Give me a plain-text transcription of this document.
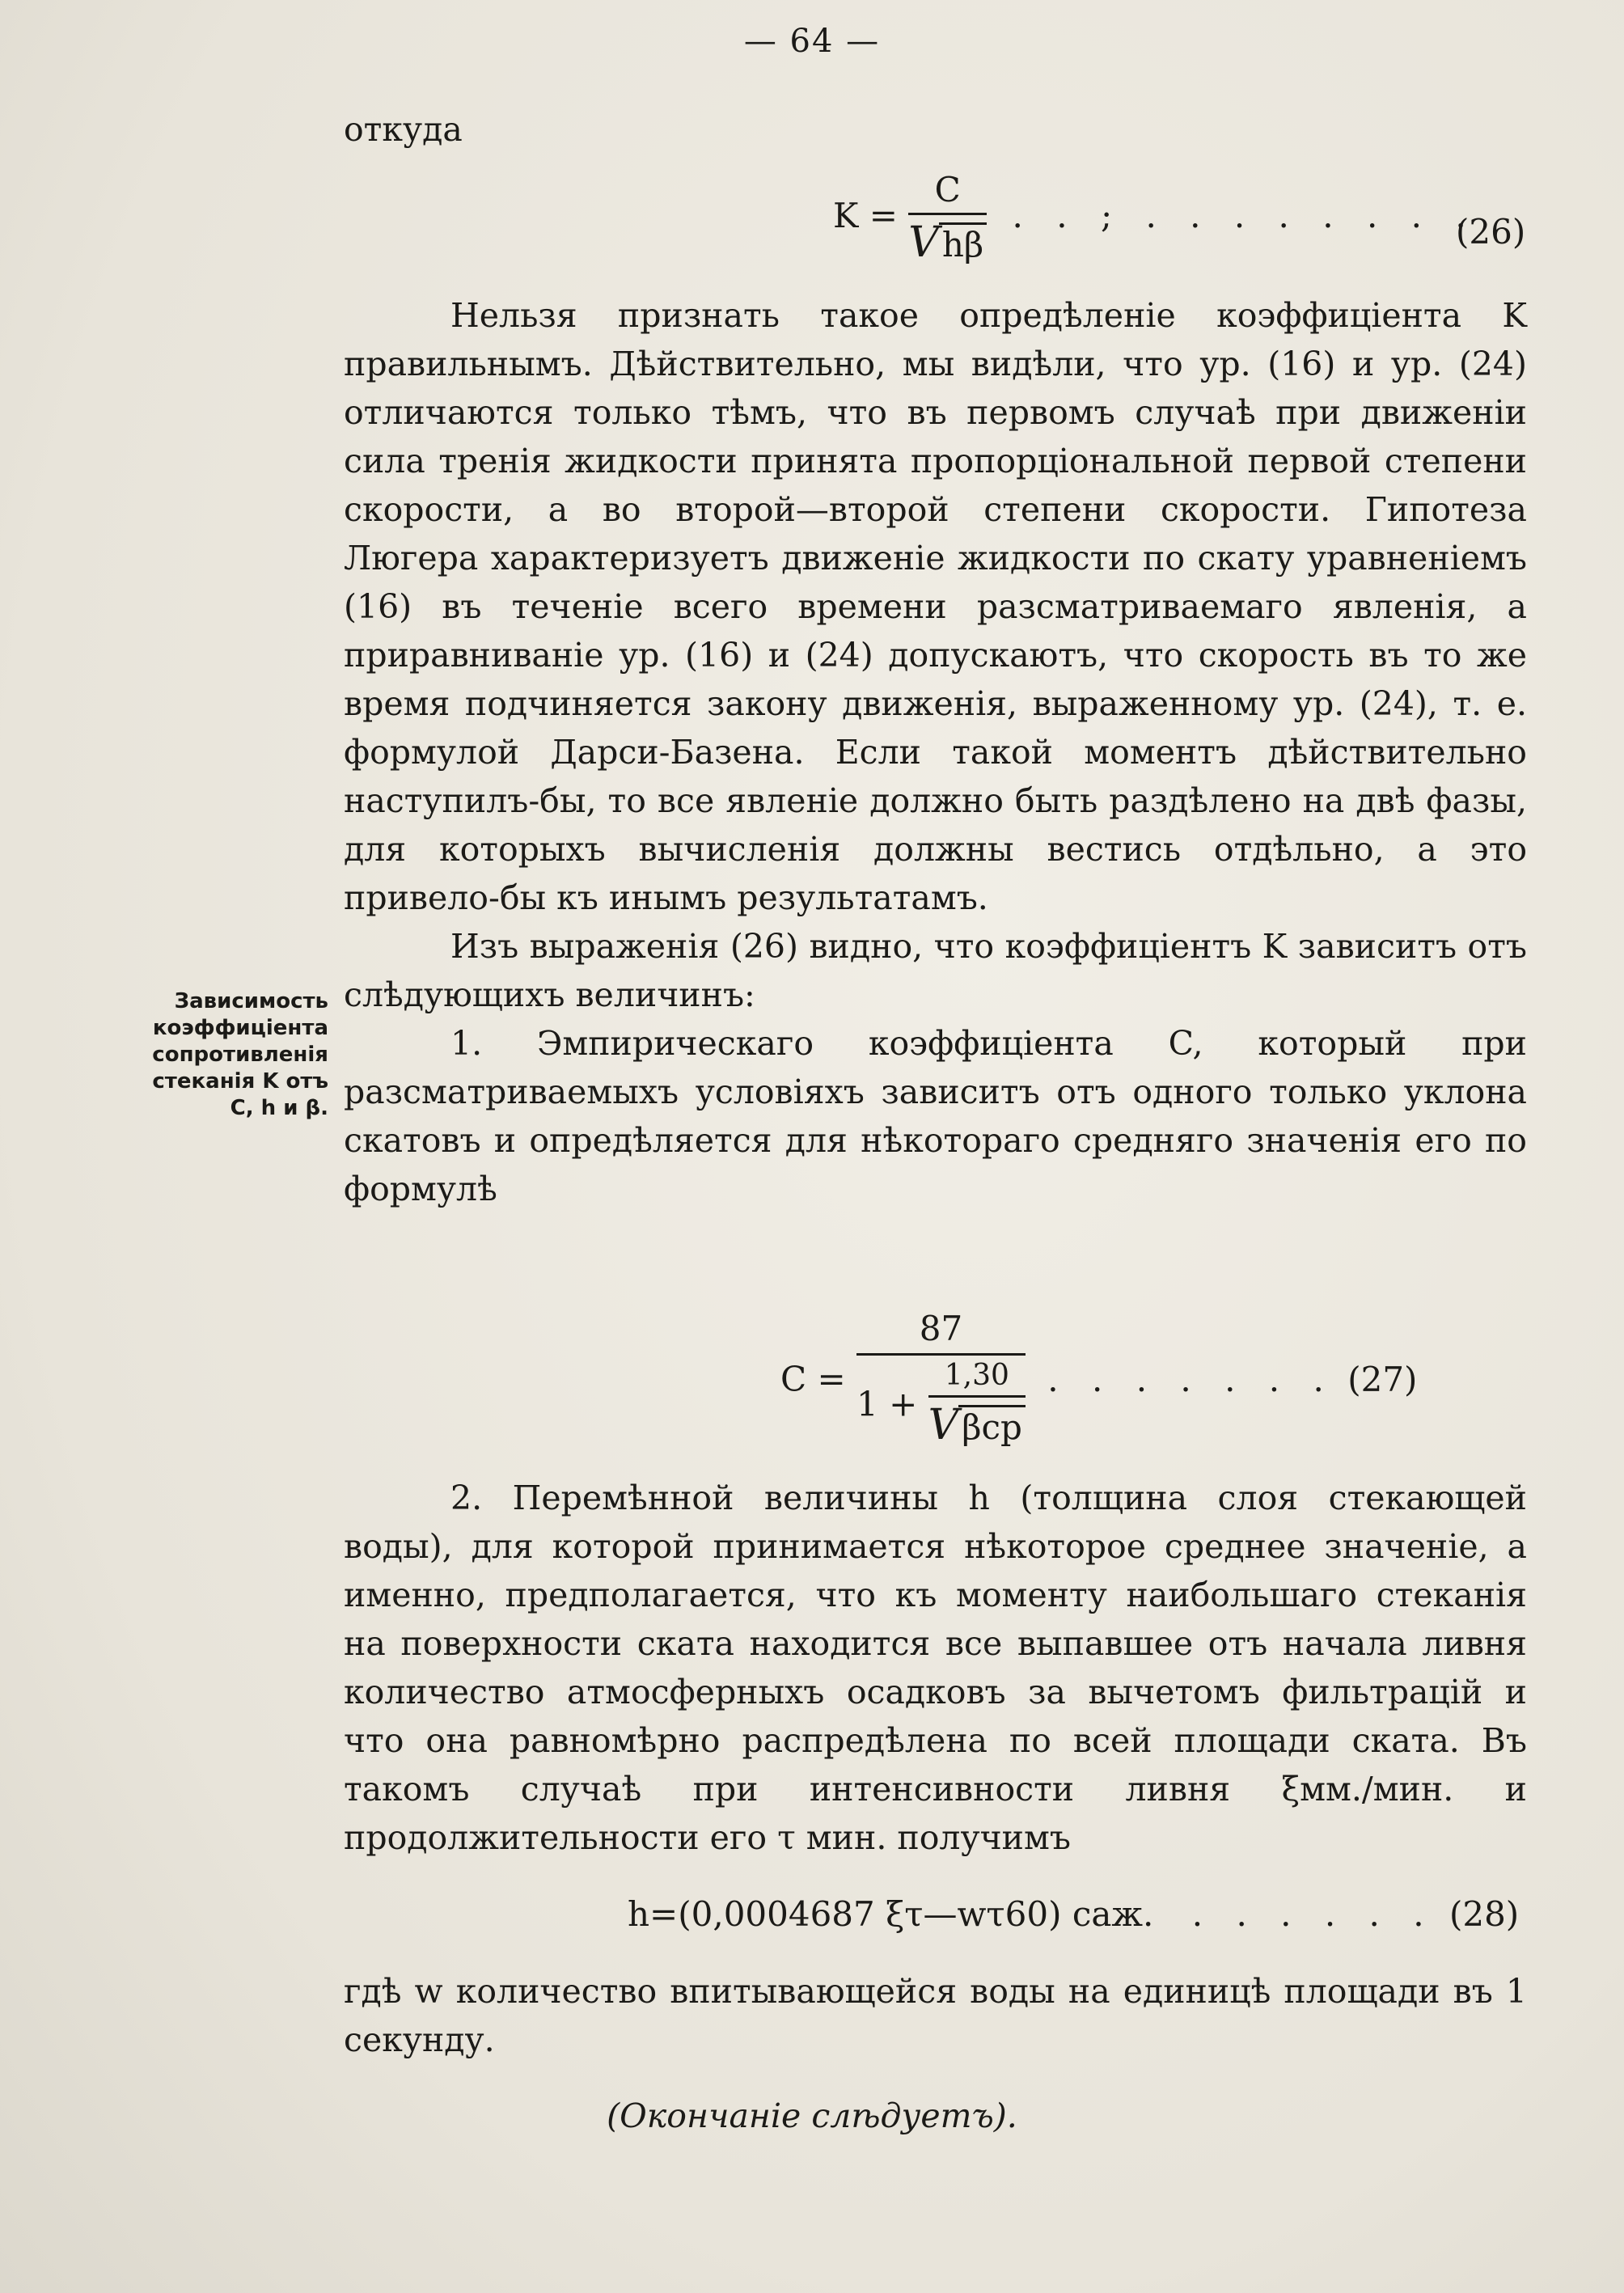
— 64 —
откуда
$K = \frac{C}{\text{Vhβ}}$ . . ; . . . . . . . .
(26)

Нельзя признать такое опредѣленіе коэффиціента K правильнымъ. Дѣйствительно, мы видѣли, что ур. (16) и ур. (24) отличаются только тѣмъ, что въ первомъ случаѣ при движеніи сила тренія жидкости принята пропорціональной первой степени скорости, а во второй—второй степени скорости. Гипотеза Люгера характеризуетъ движеніе жидкости по скату уравненіемъ (16) въ теченіе всего времени разсматриваемаго явленія, а приравниваніе ур. (16) и (24) допускаютъ, что скорость въ то же время подчиняется закону движенія, выраженному ур. (24), т. е. формулой Дарси-Базена. Если такой моментъ дѣйствительно наступилъ-бы, то все явленіе должно быть раздѣлено на двѣ фазы, для которыхъ вычисленія должны вестись отдѣльно, а это привело-бы къ инымъ результатамъ.

Изъ выраженія (26) видно, что коэффиціентъ K зависитъ отъ слѣдующихъ величинъ:

1. Эмпирическаго коэффиціента C, который при разсматриваемыхъ условіяхъ зависитъ отъ одного только уклона скатовъ и опредѣляется для нѣкотораго средняго значенія его по формулѣ

Зависимость коэффиціента сопротивленія стеканія K отъ C, h и β.
$C = \frac{87}{1 + \frac{1,30}{\text{Vβср}}}$ . . . . . . . (27)

2. Перемѣнной величины h (толщина слоя стекающей воды), для которой принимается нѣкоторое среднее значеніе, а именно, предполагается, что къ моменту наибольшаго стеканія на поверхности ската находится все выпавшее отъ начала ливня количество атмосферныхъ осадковъ за вычетомъ фильтрацій и что она равномѣрно распредѣлена по всей площади ската. Въ такомъ случаѣ при интенсивности ливня ξмм./мин. и продолжительности его τ мин. получимъ

h=(0,0004687 ξτ—wτ60) саж. . . . . . . (28)

гдѣ w количество впитывающейся воды на единицѣ площади въ 1 секунду.

(Окончаніе слѣдуетъ).
